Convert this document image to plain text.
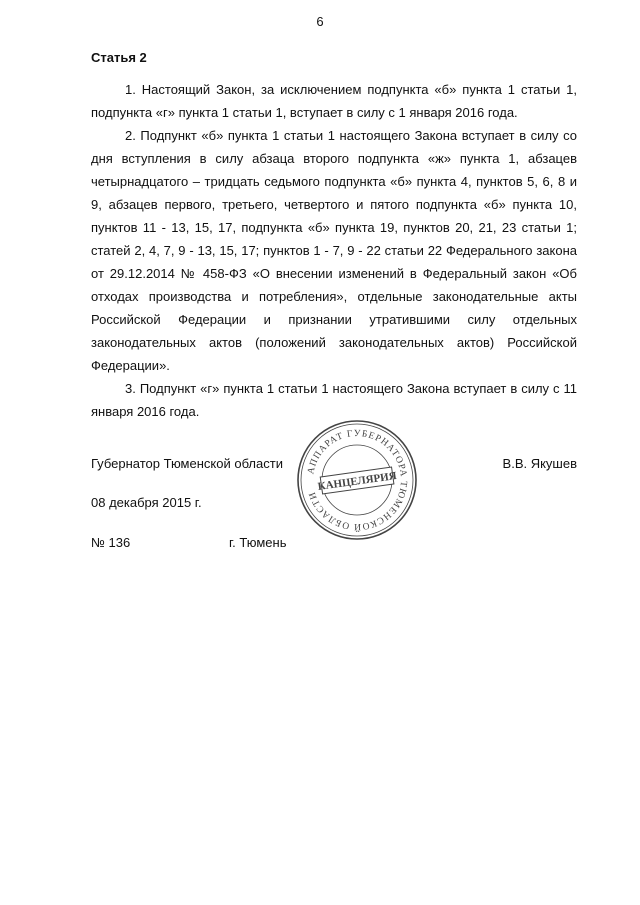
6

Статья 2

1. Настоящий Закон, за исключением подпункта «б» пункта 1 статьи 1, подпункта «г» пункта 1 статьи 1, вступает в силу с 1 января 2016 года.

2. Подпункт «б» пункта 1 статьи 1 настоящего Закона вступает в силу со дня вступления в силу абзаца второго подпункта «ж» пункта 1, абзацев четырнадцатого – тридцать седьмого подпункта «б» пункта 4, пунктов 5, 6, 8 и 9, абзацев первого, третьего, четвертого и пятого подпункта «б» пункта 10, пунктов 11 - 13, 15, 17, подпункта «б» пункта 19, пунктов 20, 21, 23 статьи 1; статей 2, 4, 7, 9 - 13, 15, 17; пунктов 1 - 7, 9 - 22 статьи 22 Федерального закона от 29.12.2014 № 458-ФЗ «О внесении изменений в Федеральный закон «Об отходах производства и потребления», отдельные законодательные акты Российской Федерации и признании утратившими силу отдельных законодательных актов (положений законодательных актов) Российской Федерации».

3. Подпункт «г» пункта 1 статьи 1 настоящего Закона вступает в силу с 11 января 2016 года.

Губернатор Тюменской области	В.В. Якушев
АППАРАТ ГУБЕРНАТОРА ТЮМЕНСКОЙ ОБЛАСТИ
КАНЦЕЛЯРИЯ
08 декабря 2015 г.
№ 136	г. Тюмень
